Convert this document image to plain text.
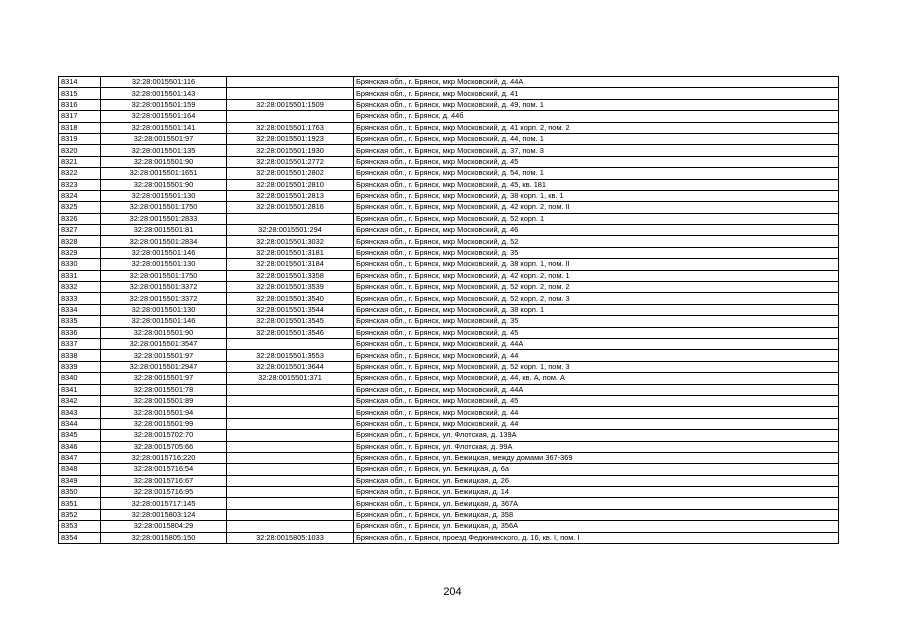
8314	32:28:0015501:116		Брянская обл., г. Брянск, мкр Московский, д. 44А
8315	32:28:0015501:143		Брянская обл., г. Брянск, мкр Московский, д. 41
8316	32:28:0015501:159	32:28:0015501:1509	Брянская обл., г. Брянск, мкр Московский, д. 49, пом. 1
8317	32:28:0015501:164		Брянская обл., г. Брянск, д. 44б
8318	32:28:0015501:141	32:28:0015501:1763	Брянская обл., г. Брянск, мкр Московский, д. 41 корп. 2, пом. 2
8319	32:28:0015501:97	32:28:0015501:1923	Брянская обл., г. Брянск, мкр Московский, д. 44, пом. 1
8320	32:28:0015501:135	32:28:0015501:1930	Брянская обл., г. Брянск, мкр Московский, д. 37, пом. 3
8321	32:28:0015501:90	32:28:0015501:2772	Брянская обл., г. Брянск, мкр Московский, д. 45
8322	32:28:0015501:1651	32:28:0015501:2802	Брянская обл., г. Брянск, мкр Московский, д. 54, пом. 1
8323	32:28:0015501:90	32:28:0015501:2810	Брянская обл., г. Брянск, мкр Московский, д. 45, кв. 181
8324	32:28:0015501:130	32:28:0015501:2813	Брянская обл., г. Брянск, мкр Московский, д. 38 корп. 1, кв. 1
8325	32:28:0015501:1750	32:28:0015501:2816	Брянская обл., г. Брянск, мкр Московский, д. 42 корп. 2, пом. II
8326	32:28:0015501:2833		Брянская обл., г. Брянск, мкр Московский, д. 52 корп. 1
8327	32:28:0015501:81	32:28:0015501:294	Брянская обл., г. Брянск, мкр Московский, д. 46
8328	32:28:0015501:2834	32:28:0015501:3032	Брянская обл., г. Брянск, мкр Московский, д. 52
8329	32:28:0015501:146	32:28:0015501:3181	Брянская обл., г. Брянск, мкр Московский, д. 35
8330	32:28:0015501:130	32:28:0015501:3184	Брянская обл., г. Брянск, мкр Московский, д. 38 корп. 1, пом. II
8331	32:28:0015501:1750	32:28:0015501:3358	Брянская обл., г. Брянск, мкр Московский, д. 42 корп. 2, пом. 1
8332	32:28:0015501:3372	32:28:0015501:3539	Брянская обл., г. Брянск, мкр Московский, д. 52 корп. 2, пом. 2
8333	32:28:0015501:3372	32:28:0015501:3540	Брянская обл., г. Брянск, мкр Московский, д. 52 корп. 2, пом. 3
8334	32:28:0015501:130	32:28:0015501:3544	Брянская обл., г. Брянск, мкр Московский, д. 38 корп. 1
8335	32:28:0015501:146	32:28:0015501:3545	Брянская обл., г. Брянск, мкр Московский, д. 35
8336	32:28:0015501:90	32:28:0015501:3546	Брянская обл., г. Брянск, мкр Московский, д. 45
8337	32:28:0015501:3547		Брянская обл., г. Брянск, мкр Московский, д. 44А
8338	32:28:0015501:97	32:28:0015501:3553	Брянская обл., г. Брянск, мкр Московский, д. 44
8339	32:28:0015501:2947	32:28:0015501:3644	Брянская обл., г. Брянск, мкр Московский, д. 52 корп. 1, пом. 3
8340	32:28:0015501:97	32:28:0015501:371	Брянская обл., г. Брянск, мкр Московский, д. 44, кв. А, пом. А
8341	32:28:0015501:78		Брянская обл., г. Брянск, мкр Московский, д. 44А
8342	32:28:0015501:89		Брянская обл., г. Брянск, мкр Московский, д. 45
8343	32:28:0015501:94		Брянская обл., г. Брянск, мкр Московский, д. 44
8344	32:28:0015501:99		Брянская обл., г. Брянск, мкр Московский, д. 44
8345	32:28:0015702:70		Брянская обл., г. Брянск, ул. Флотская, д. 139А
8346	32:28:0015705:66		Брянская обл., г. Брянск, ул. Флотская, д. 99А
8347	32:28:0015716:220		Брянская обл., г. Брянск, ул. Бежицкая, между домами 367-369
8348	32:28:0015716:54		Брянская обл., г. Брянск, ул. Бежицкая, д. 6а
8349	32:28:0015716:67		Брянская обл., г. Брянск, ул. Бежицкая, д. 26
8350	32:28:0015716:95		Брянская обл., г. Брянск, ул. Бежицкая, д. 14
8351	32:28:0015717:145		Брянская обл., г. Брянск, ул. Бежицкая, д. 367А
8352	32:28:0015803:124		Брянская обл., г. Брянск, ул. Бежицкая, д. 358
8353	32:28:0015804:29		Брянская обл., г. Брянск, ул. Бежицкая, д. 356А
8354	32:28:0015805:150	32:28:0015805:1033	Брянская обл., г. Брянск, проезд Федюнинского, д. 16, кв. I, пом. I
204
